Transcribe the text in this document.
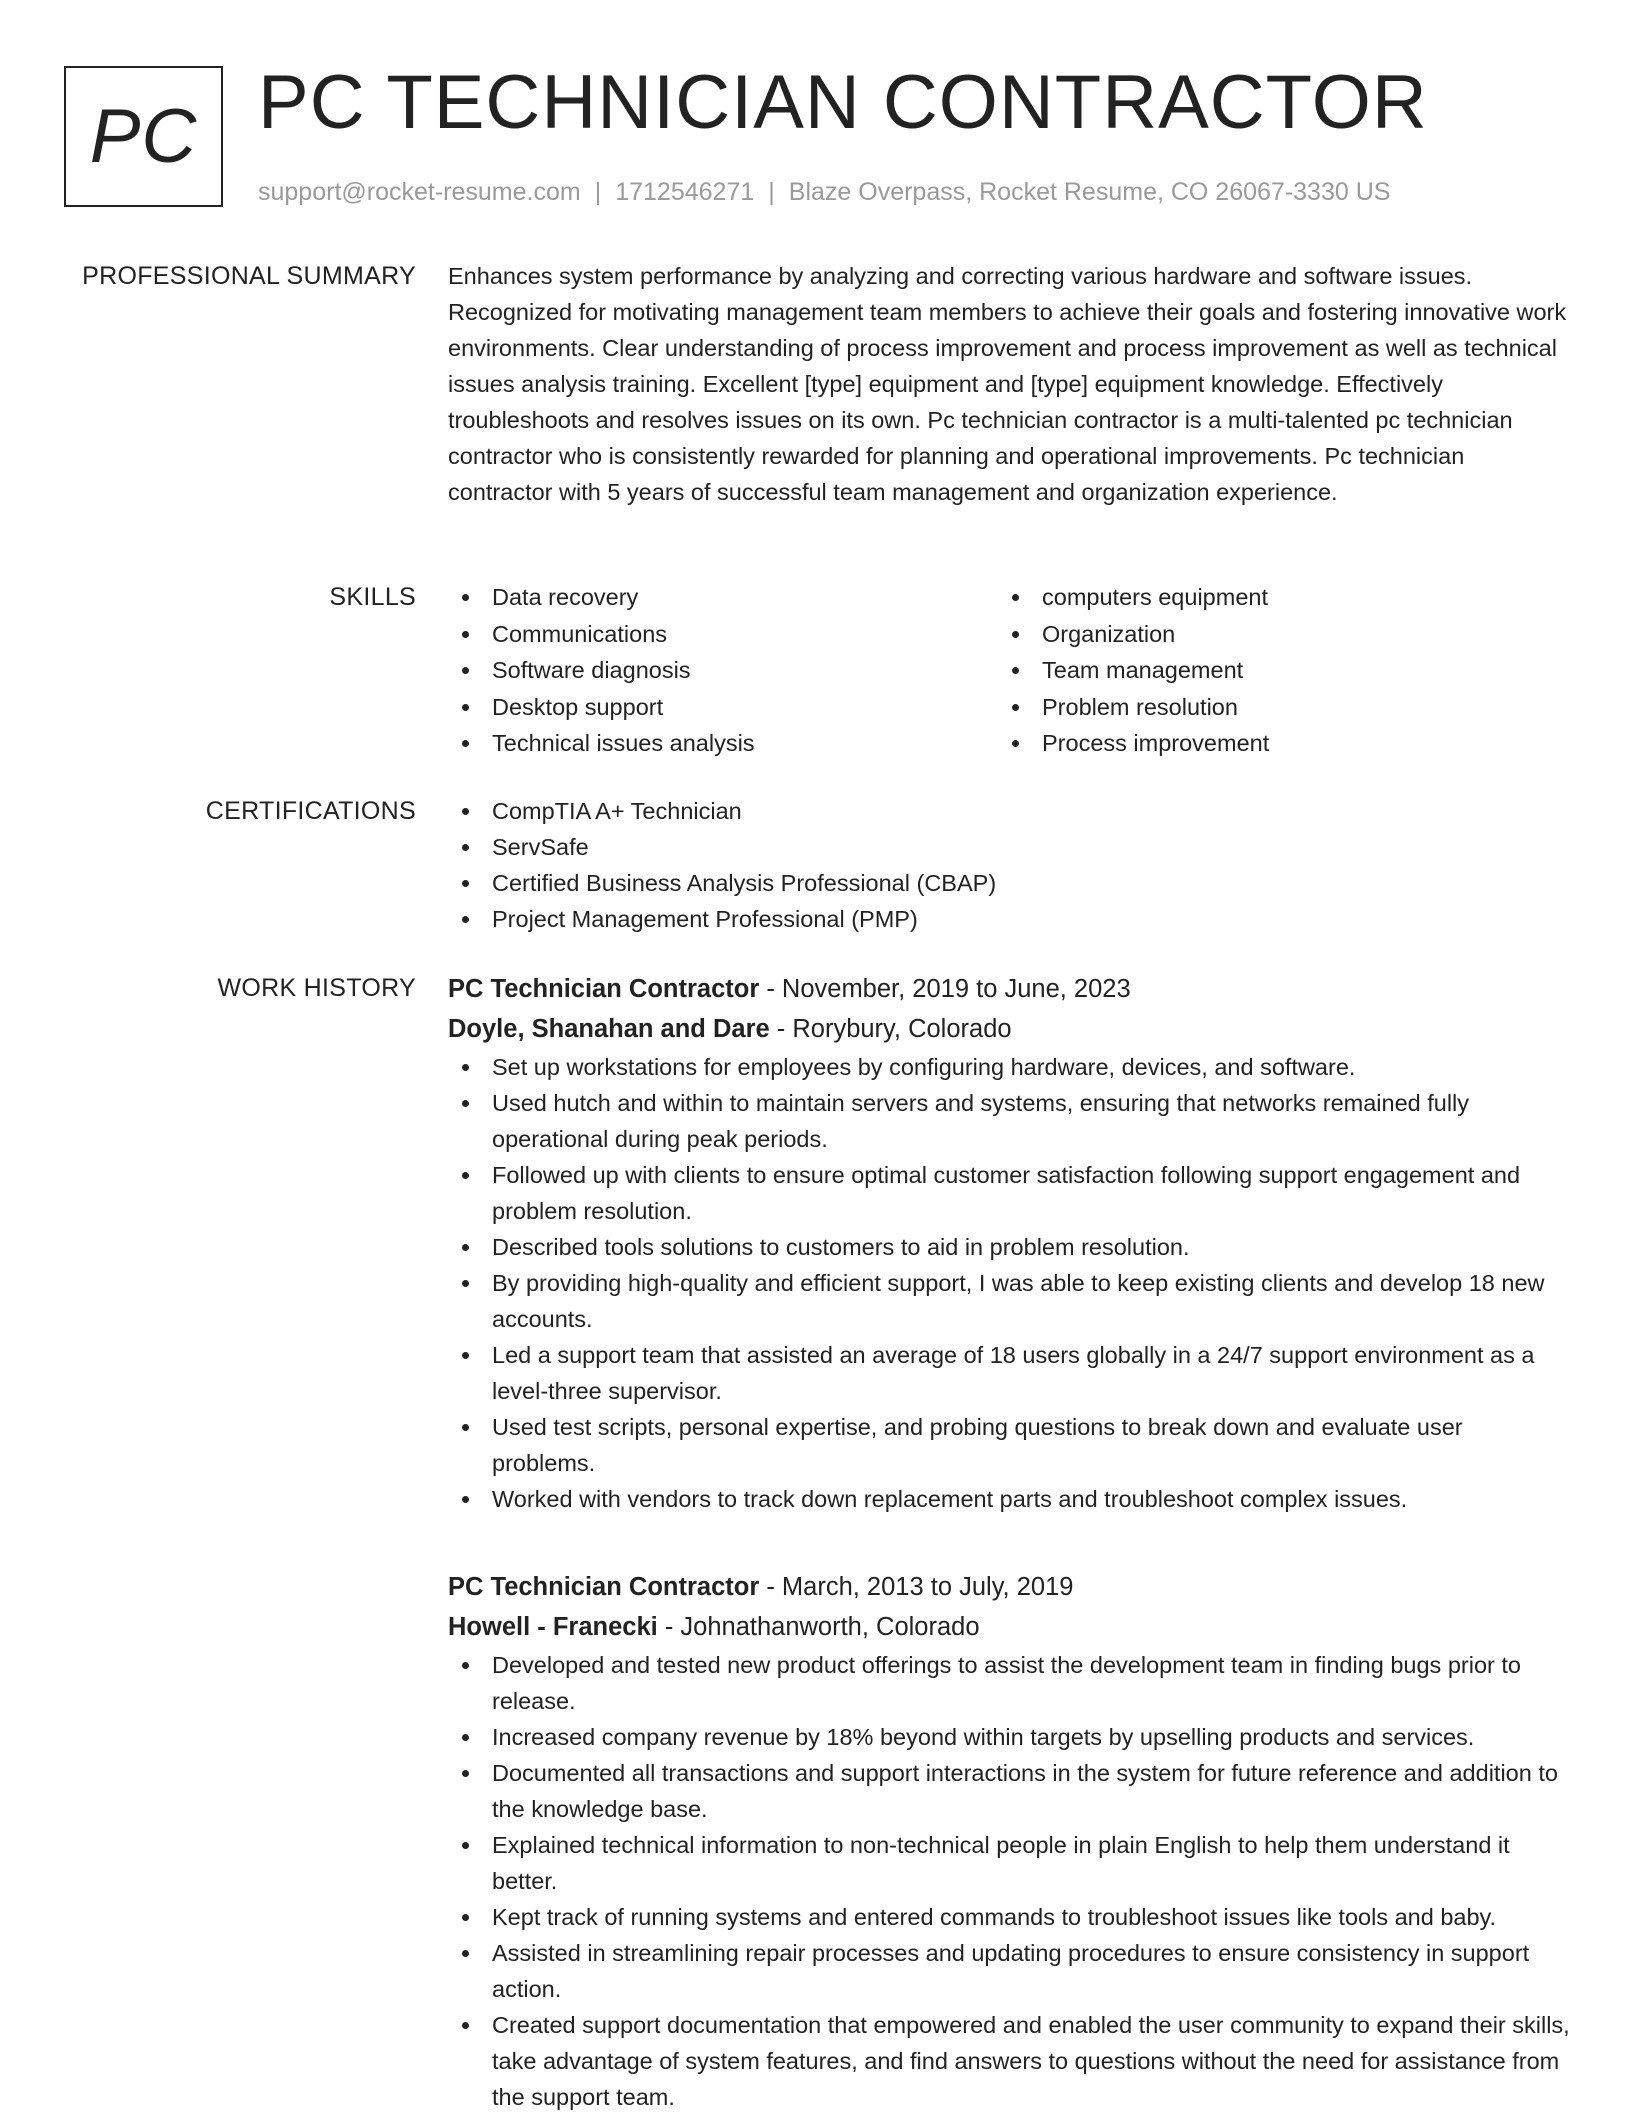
PC PC TECHNICIAN CONTRACTOR
support@rocket-resume.com | 1712546271 | Blaze Overpass, Rocket Resume, CO 26067-3330 US
PROFESSIONAL SUMMARY Enhances system performance by analyzing and correcting various hardware and software issues. Recognized for motivating management team members to achieve their goals and fostering innovative work environments. Clear understanding of process improvement and process improvement as well as technical issues analysis training. Excellent [type] equipment and [type] equipment knowledge. Effectively troubleshoots and resolves issues on its own. Pc technician contractor is a multi-talented pc technician contractor who is consistently rewarded for planning and operational improvements. Pc technician contractor with 5 years of successful team management and organization experience.

SKILLS	Data recovery
Communications
Software diagnosis
Desktop support
Technical issues analysis
computers equipment
Organization
Team management
Problem resolution
Process improvement
CERTIFICATIONS	CompTIA A+ Technician
ServSafe
Certified Business Analysis Professional (CBAP)
Project Management Professional (PMP)
WORK HISTORY PC Technician Contractor - November, 2019 to June, 2023
Doyle, Shanahan and Dare - Rorybury, Colorado
Set up workstations for employees by configuring hardware, devices, and software.
Used hutch and within to maintain servers and systems, ensuring that networks remained fully operational during peak periods.
Followed up with clients to ensure optimal customer satisfaction following support engagement and problem resolution.
Described tools solutions to customers to aid in problem resolution.
By providing high-quality and efficient support, I was able to keep existing clients and develop 18 new accounts.
Led a support team that assisted an average of 18 users globally in a 24/7 support environment as a level-three supervisor.
Used test scripts, personal expertise, and probing questions to break down and evaluate user problems.
Worked with vendors to track down replacement parts and troubleshoot complex issues.
PC Technician Contractor - March, 2013 to July, 2019
Howell - Franecki - Johnathanworth, Colorado
Developed and tested new product offerings to assist the development team in finding bugs prior to release.
Increased company revenue by 18% beyond within targets by upselling products and services.
Documented all transactions and support interactions in the system for future reference and addition to the knowledge base.
Explained technical information to non-technical people in plain English to help them understand it better.
Kept track of running systems and entered commands to troubleshoot issues like tools and baby.
Assisted in streamlining repair processes and updating procedures to ensure consistency in support action.
Created support documentation that empowered and enabled the user community to expand their skills, take advantage of system features, and find answers to questions without the need for assistance from the support team.
